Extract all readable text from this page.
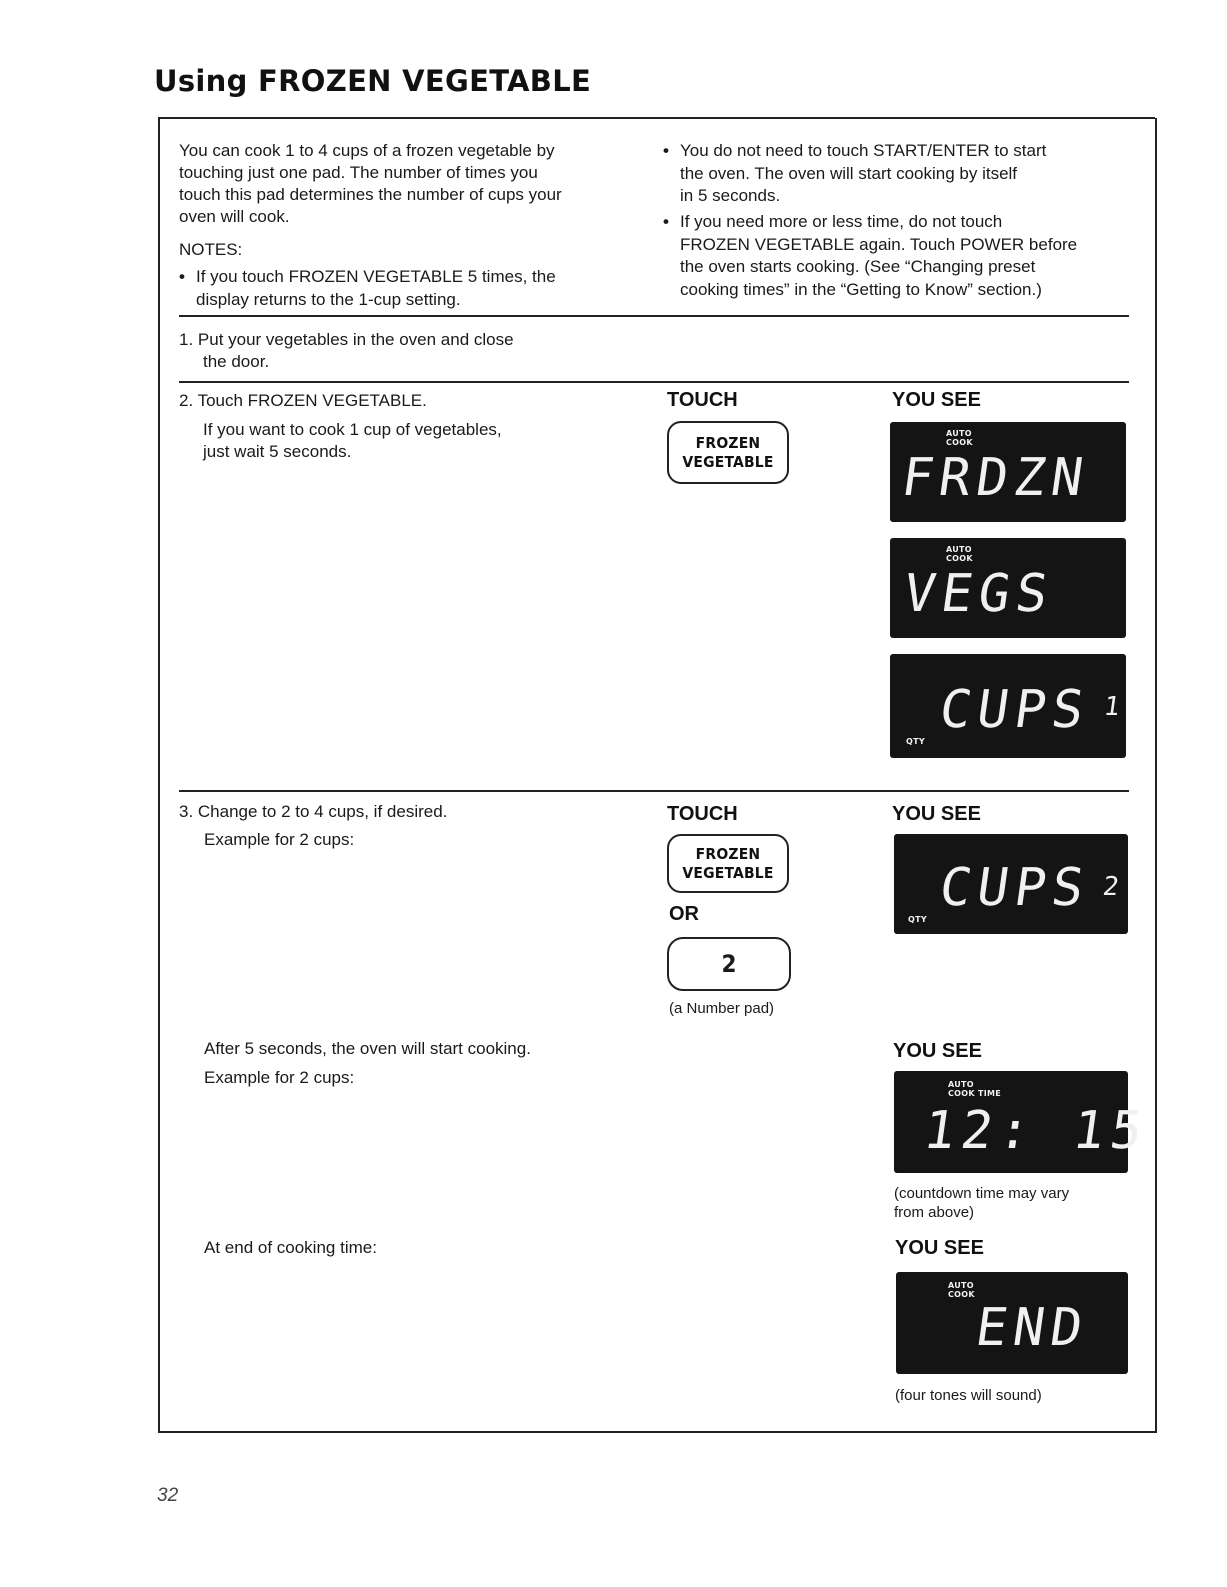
Using FROZEN VEGETABLE
You can cook 1 to 4 cups of a frozen vegetable by
touching just one pad. The number of times you
touch this pad determines the number of cups your
oven will cook.
NOTES:
• If you touch FROZEN VEGETABLE 5 times, the
display returns to the 1-cup setting.
• You do not need to touch START/ENTER to start
the oven. The oven will start cooking by itself
in 5 seconds.
• If you need more or less time, do not touch
FROZEN VEGETABLE again. Touch POWER before
the oven starts cooking. (See “Changing preset
cooking times” in the “Getting to Know” section.)
1. Put your vegetables in the oven and close
the door.
2. Touch FROZEN VEGETABLE.
If you want to cook 1 cup of vegetables,
just wait 5 seconds.
TOUCH	YOU SEE
FROZEN
VEGETABLE
AUTO
COOK
FRDZN
AUTO
COOK
VEGS
CUPS 1
QTY
3. Change to 2 to 4 cups, if desired.
Example for 2 cups:
TOUCH	YOU SEE
FROZEN
VEGETABLE
OR
2
(a Number pad)
CUPS 2
QTY
After 5 seconds, the oven will start cooking.
Example for 2 cups:
YOU SEE
AUTO
COOK TIME
12: 15
(countdown time may vary
from above)
At end of cooking time:	YOU SEE
AUTO
COOK
END
(four tones will sound)
32
